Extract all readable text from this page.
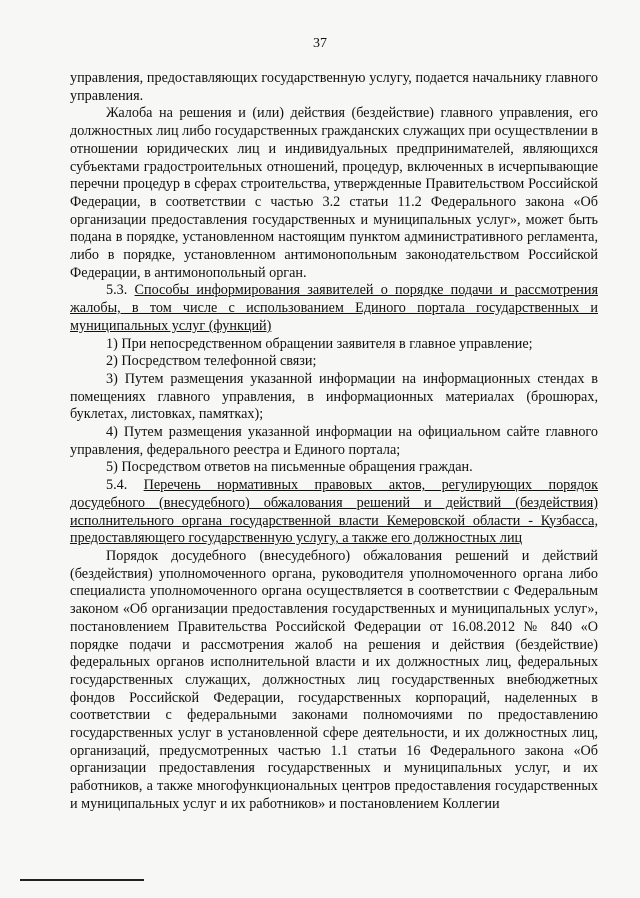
37

управления, предоставляющих государственную услугу, подается начальнику главного управления.

Жалоба на решения и (или) действия (бездействие) главного управления, его должностных лиц либо государственных гражданских служащих при осуществлении в отношении юридических лиц и индивидуальных предпринимателей, являющихся субъектами градостроительных отношений, процедур, включенных в исчерпывающие перечни процедур в сферах строительства, утвержденные Правительством Российской Федерации, в соответствии с частью 3.2 статьи 11.2 Федерального закона «Об организации предоставления государственных и муниципальных услуг», может быть подана в порядке, установленном настоящим пунктом административного регламента, либо в порядке, установленном антимонопольным законодательством Российской Федерации, в антимонопольный орган.

5.3. Способы информирования заявителей о порядке подачи и рассмотрения жалобы, в том числе с использованием Единого портала государственных и муниципальных услуг (функций)

1) При непосредственном обращении заявителя в главное управление;

2) Посредством телефонной связи;

3) Путем размещения указанной информации на информационных стендах в помещениях главного управления, в информационных материалах (брошюрах, буклетах, листовках, памятках);

4) Путем размещения указанной информации на официальном сайте главного управления, федерального реестра и Единого портала;

5) Посредством ответов на письменные обращения граждан.

5.4. Перечень нормативных правовых актов, регулирующих порядок досудебного (внесудебного) обжалования решений и действий (бездействия) исполнительного органа государственной власти Кемеровской области - Кузбасса, предоставляющего государственную услугу, а также его должностных лиц

Порядок досудебного (внесудебного) обжалования решений и действий (бездействия) уполномоченного органа, руководителя уполномоченного органа либо специалиста уполномоченного органа осуществляется в соответствии с Федеральным законом «Об организации предоставления государственных и муниципальных услуг», постановлением Правительства Российской Федерации от 16.08.2012 № 840 «О порядке подачи и рассмотрения жалоб на решения и действия (бездействие) федеральных органов исполнительной власти и их должностных лиц, федеральных государственных служащих, должностных лиц государственных внебюджетных фондов Российской Федерации, государственных корпораций, наделенных в соответствии с федеральными законами полномочиями по предоставлению государственных услуг в установленной сфере деятельности, и их должностных лиц, организаций, предусмотренных частью 1.1 статьи 16 Федерального закона «Об организации предоставления государственных и муниципальных услуг, и их работников, а также многофункциональных центров предоставления государственных и муниципальных услуг и их работников» и постановлением Коллегии
